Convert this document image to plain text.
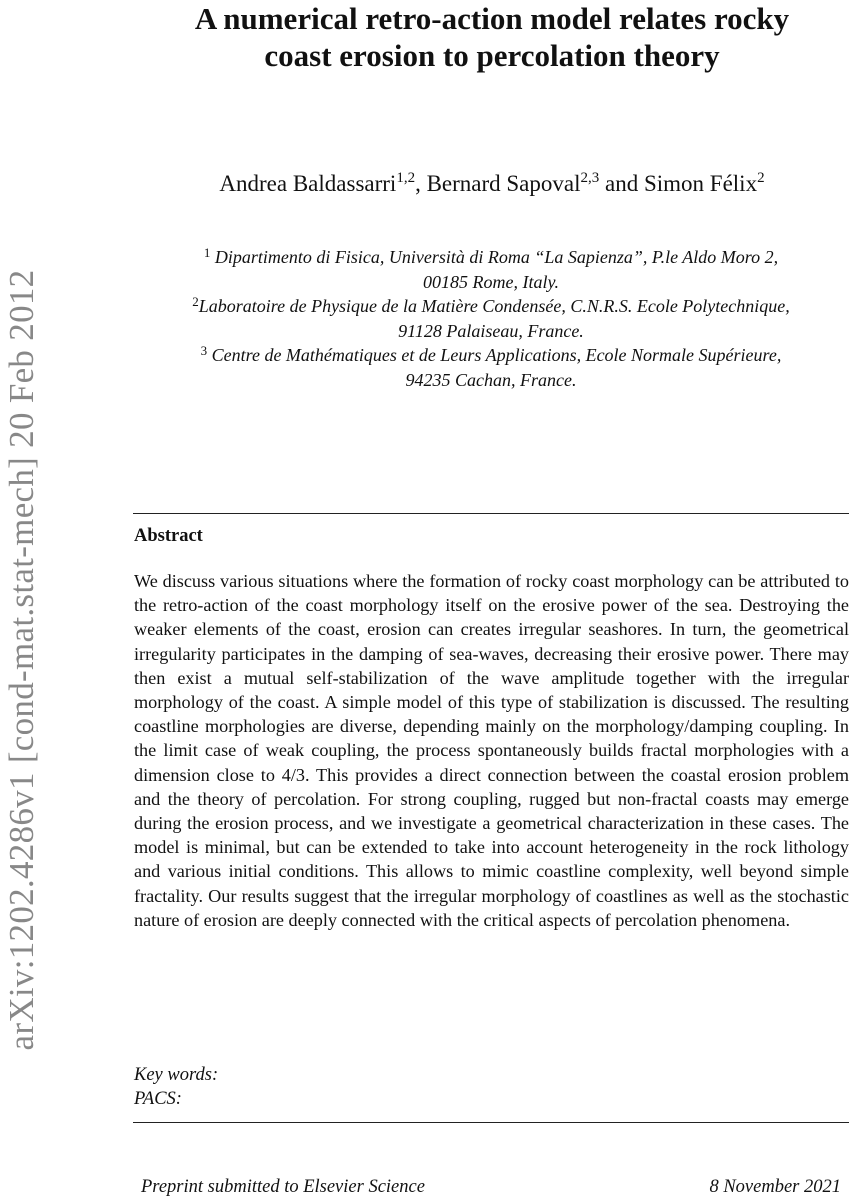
arXiv:1202.4286v1 [cond-mat.stat-mech] 20 Feb 2012
A numerical retro-action model relates rocky
coast erosion to percolation theory
Andrea Baldassarri$^{1,2}$, Bernard Sapoval$^{2,3}$ and Simon Félix$^2$
$^1$ Dipartimento di Fisica, Università di Roma “La Sapienza”, P.le Aldo Moro 2,
00185 Rome, Italy.
$^2$Laboratoire de Physique de la Matière Condensée, C.N.R.S. Ecole Polytechnique,
91128 Palaiseau, France.
$^3$ Centre de Mathématiques et de Leurs Applications, Ecole Normale Supérieure,
94235 Cachan, France.
Abstract

We discuss various situations where the formation of rocky coast morphology can be attributed to the retro-action of the coast morphology itself on the erosive power of the sea. Destroying the weaker elements of the coast, erosion can creates irregular seashores. In turn, the geometrical irregularity participates in the damping of sea-waves, decreasing their erosive power. There may then exist a mutual self-stabilization of the wave amplitude together with the irregular morphology of the coast. A simple model of this type of stabilization is discussed. The resulting coastline morphologies are diverse, depending mainly on the morphology/damping coupling. In the limit case of weak coupling, the process spontaneously builds fractal morphologies with a dimension close to 4/3. This provides a direct connection between the coastal erosion problem and the theory of percolation. For strong coupling, rugged but non-fractal coasts may emerge during the erosion process, and we investigate a geometrical characterization in these cases. The model is minimal, but can be extended to take into account heterogeneity in the rock lithology and various initial conditions. This allows to mimic coastline complexity, well beyond simple fractality. Our results suggest that the irregular morphology of coastlines as well as the stochastic nature of erosion are deeply connected with the critical aspects of percolation phenomena.

Key words:
PACS:
Preprint submitted to Elsevier Science	8 November 2021
